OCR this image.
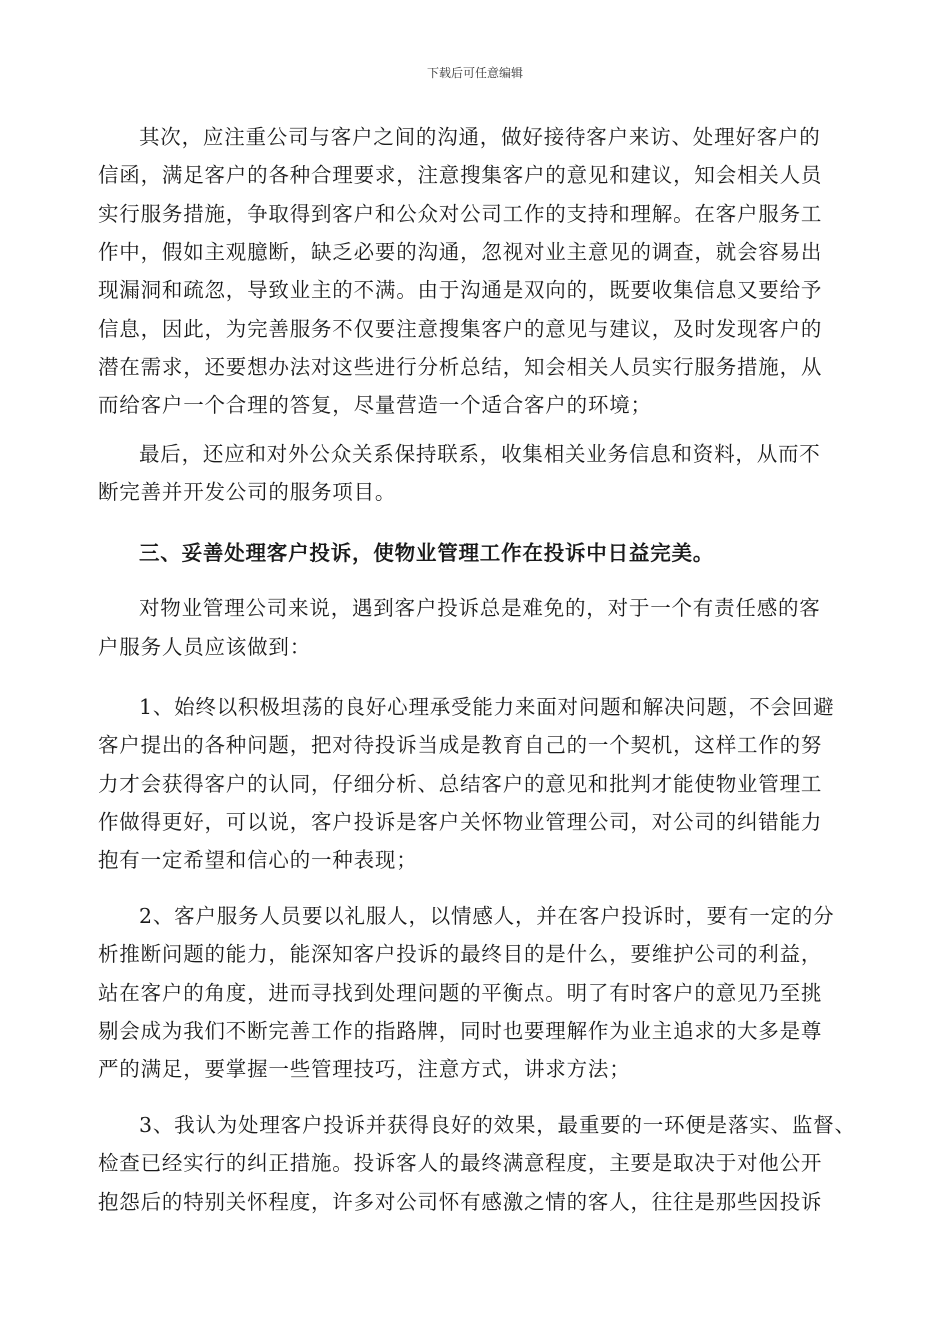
下载后可任意编辑
其次，应注重公司与客户之间的沟通，做好接待客户来访、处理好客户的
信函，满足客户的各种合理要求，注意搜集客户的意见和建议，知会相关人员
实行服务措施，争取得到客户和公众对公司工作的支持和理解。在客户服务工
作中，假如主观臆断，缺乏必要的沟通，忽视对业主意见的调查，就会容易出
现漏洞和疏忽，导致业主的不满。由于沟通是双向的，既要收集信息又要给予
信息，因此，为完善服务不仅要注意搜集客户的意见与建议，及时发现客户的
潜在需求，还要想办法对这些进行分析总结，知会相关人员实行服务措施，从
而给客户一个合理的答复，尽量营造一个适合客户的环境；
最后，还应和对外公众关系保持联系，收集相关业务信息和资料，从而不
断完善并开发公司的服务项目。
三、妥善处理客户投诉，使物业管理工作在投诉中日益完美。
对物业管理公司来说，遇到客户投诉总是难免的，对于一个有责任感的客
户服务人员应该做到：
1、始终以积极坦荡的良好心理承受能力来面对问题和解决问题，不会回避
客户提出的各种问题，把对待投诉当成是教育自己的一个契机，这样工作的努
力才会获得客户的认同，仔细分析、总结客户的意见和批判才能使物业管理工
作做得更好，可以说，客户投诉是客户关怀物业管理公司，对公司的纠错能力
抱有一定希望和信心的一种表现；
2、客户服务人员要以礼服人，以情感人，并在客户投诉时，要有一定的分
析推断问题的能力，能深知客户投诉的最终目的是什么，要维护公司的利益，
站在客户的角度，进而寻找到处理问题的平衡点。明了有时客户的意见乃至挑
剔会成为我们不断完善工作的指路牌，同时也要理解作为业主追求的大多是尊
严的满足，要掌握一些管理技巧，注意方式，讲求方法；
3、我认为处理客户投诉并获得良好的效果，最重要的一环便是落实、监督、
检查已经实行的纠正措施。投诉客人的最终满意程度，主要是取决于对他公开
抱怨后的特别关怀程度，许多对公司怀有感激之情的客人，往往是那些因投诉
